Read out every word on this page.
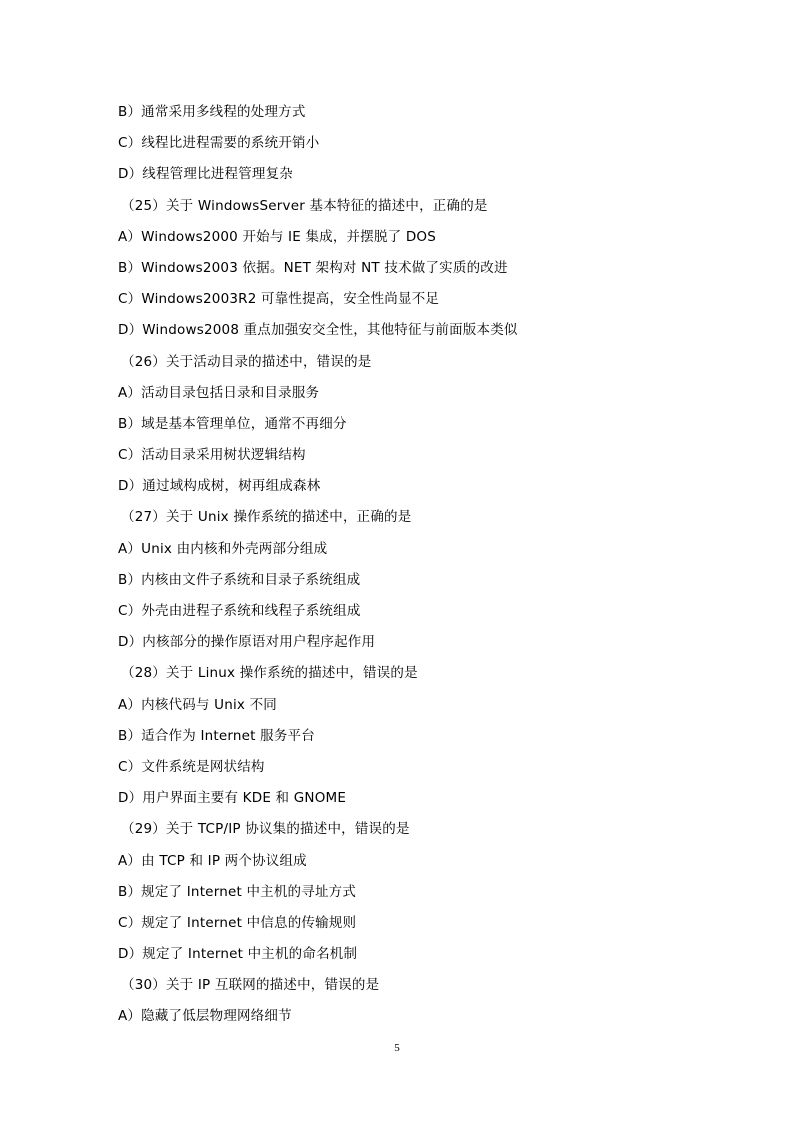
B）通常采用多线程的处理方式
C）线程比进程需要的系统开销小
D）线程管理比进程管理复杂
（25）关于 WindowsServer 基本特征的描述中，正确的是
A）Windows2000 开始与 IE 集成，并摆脱了 DOS
B）Windows2003 依据。NET 架构对 NT 技术做了实质的改进
C）Windows2003R2 可靠性提高，安全性尚显不足
D）Windows2008 重点加强安交全性，其他特征与前面版本类似
（26）关于活动目录的描述中，错误的是
A）活动目录包括日录和目录服务
B）域是基本管理单位，通常不再细分
C）活动目录采用树状逻辑结构
D）通过域构成树，树再组成森林
（27）关于 Unix 操作系统的描述中，正确的是
A）Unix 由内核和外壳两部分组成
B）内核由文件子系统和目录子系统组成
C）外壳由进程子系统和线程子系统组成
D）内核部分的操作原语对用户程序起作用
（28）关于 Linux 操作系统的描述中，错误的是
A）内核代码与 Unix 不同
B）适合作为 Internet 服务平台
C）文件系统是网状结构
D）用户界面主要有 KDE 和 GNOME
（29）关于 TCP/IP 协议集的描述中，错误的是
A）由 TCP 和 IP 两个协议组成
B）规定了 Internet 中主机的寻址方式
C）规定了 Internet 中信息的传输规则
D）规定了 Internet 中主机的命名机制
（30）关于 IP 互联网的描述中，错误的是
A）隐藏了低层物理网络细节
5
